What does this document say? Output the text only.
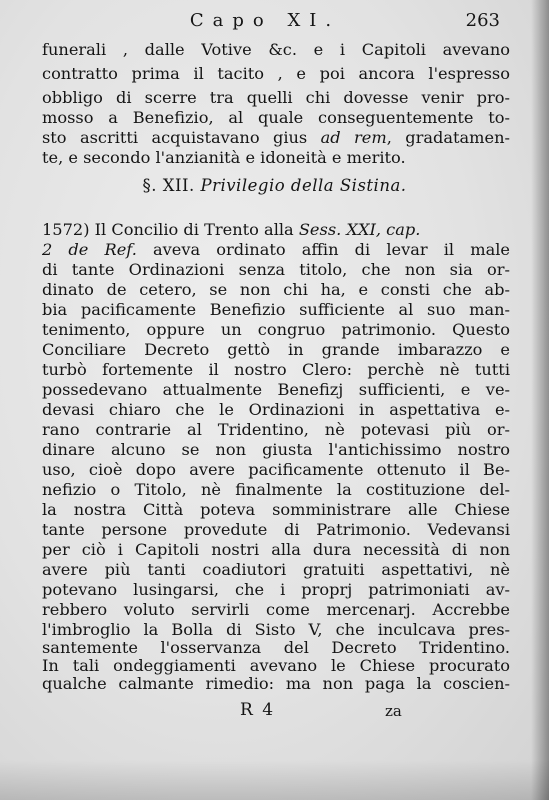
Capo XI.	263
funerali , dalle Votive &c. e i Capitoli avevano
contratto prima il tacito , e poi ancora l'espresso
obbligo di scerre tra quelli chi dovesse venir pro-
mosso a Benefizio, al quale conseguentemente to-
sto ascritti acquistavano gius ad rem, gradatamen-
te, e secondo l'anzianità e idoneità e merito.
§. XII. Privilegio della Sistina.
1572) Il Concilio di Trento alla Sess. XXI, cap.
2 de Ref. aveva ordinato affin di levar il male
di tante Ordinazioni senza titolo, che non sia or-
dinato de cetero, se non chi ha, e consti che ab-
bia pacificamente Benefizio sufficiente al suo man-
tenimento, oppure un congruo patrimonio. Questo
Conciliare Decreto gettò in grande imbarazzo e
turbò fortemente il nostro Clero: perchè nè tutti
possedevano attualmente Benefizj sufficienti, e ve-
devasi chiaro che le Ordinazioni in aspettativa e-
rano contrarie al Tridentino, nè potevasi più or-
dinare alcuno se non giusta l'antichissimo nostro
uso, cioè dopo avere pacificamente ottenuto il Be-
nefizio o Titolo, nè finalmente la costituzione del-
la nostra Città poteva somministrare alle Chiese
tante persone provedute di Patrimonio. Vedevansi
per ciò i Capitoli nostri alla dura necessità di non
avere più tanti coadiutori gratuiti aspettativi, nè
potevano lusingarsi, che i proprj patrimoniati av-
rebbero voluto servirli come mercenarj. Accrebbe
l'imbroglio la Bolla di Sisto V, che inculcava pres-
santemente l'osservanza del Decreto Tridentino.
In tali ondeggiamenti avevano le Chiese procurato
qualche calmante rimedio: ma non paga la coscien-
R 4	za
